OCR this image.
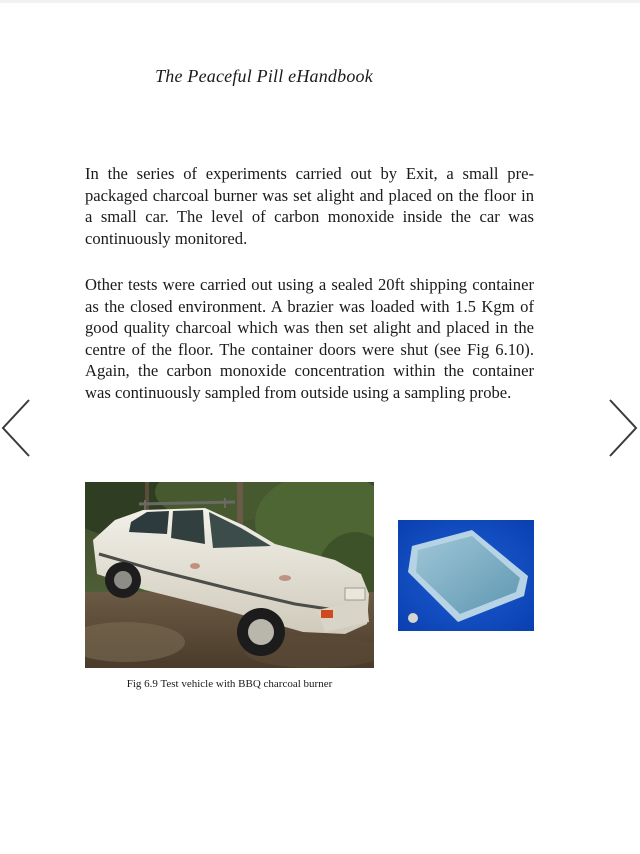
The Peaceful Pill eHandbook

In the series of experiments carried out by Exit, a small pre-packaged charcoal burner was set alight and placed on the floor in a small car. The level of carbon monoxide inside the car was continuously monitored.

Other tests were carried out using a sealed 20ft shipping container as the closed environment. A brazier was loaded with 1.5 Kgm of good quality charcoal which was then set alight and placed in the centre of the floor. The container doors were shut (see Fig 6.10). Again, the carbon monoxide concentration within the container was continuously sampled from outside using a sampling probe.

Fig 6.9 Test vehicle with BBQ charcoal burner
